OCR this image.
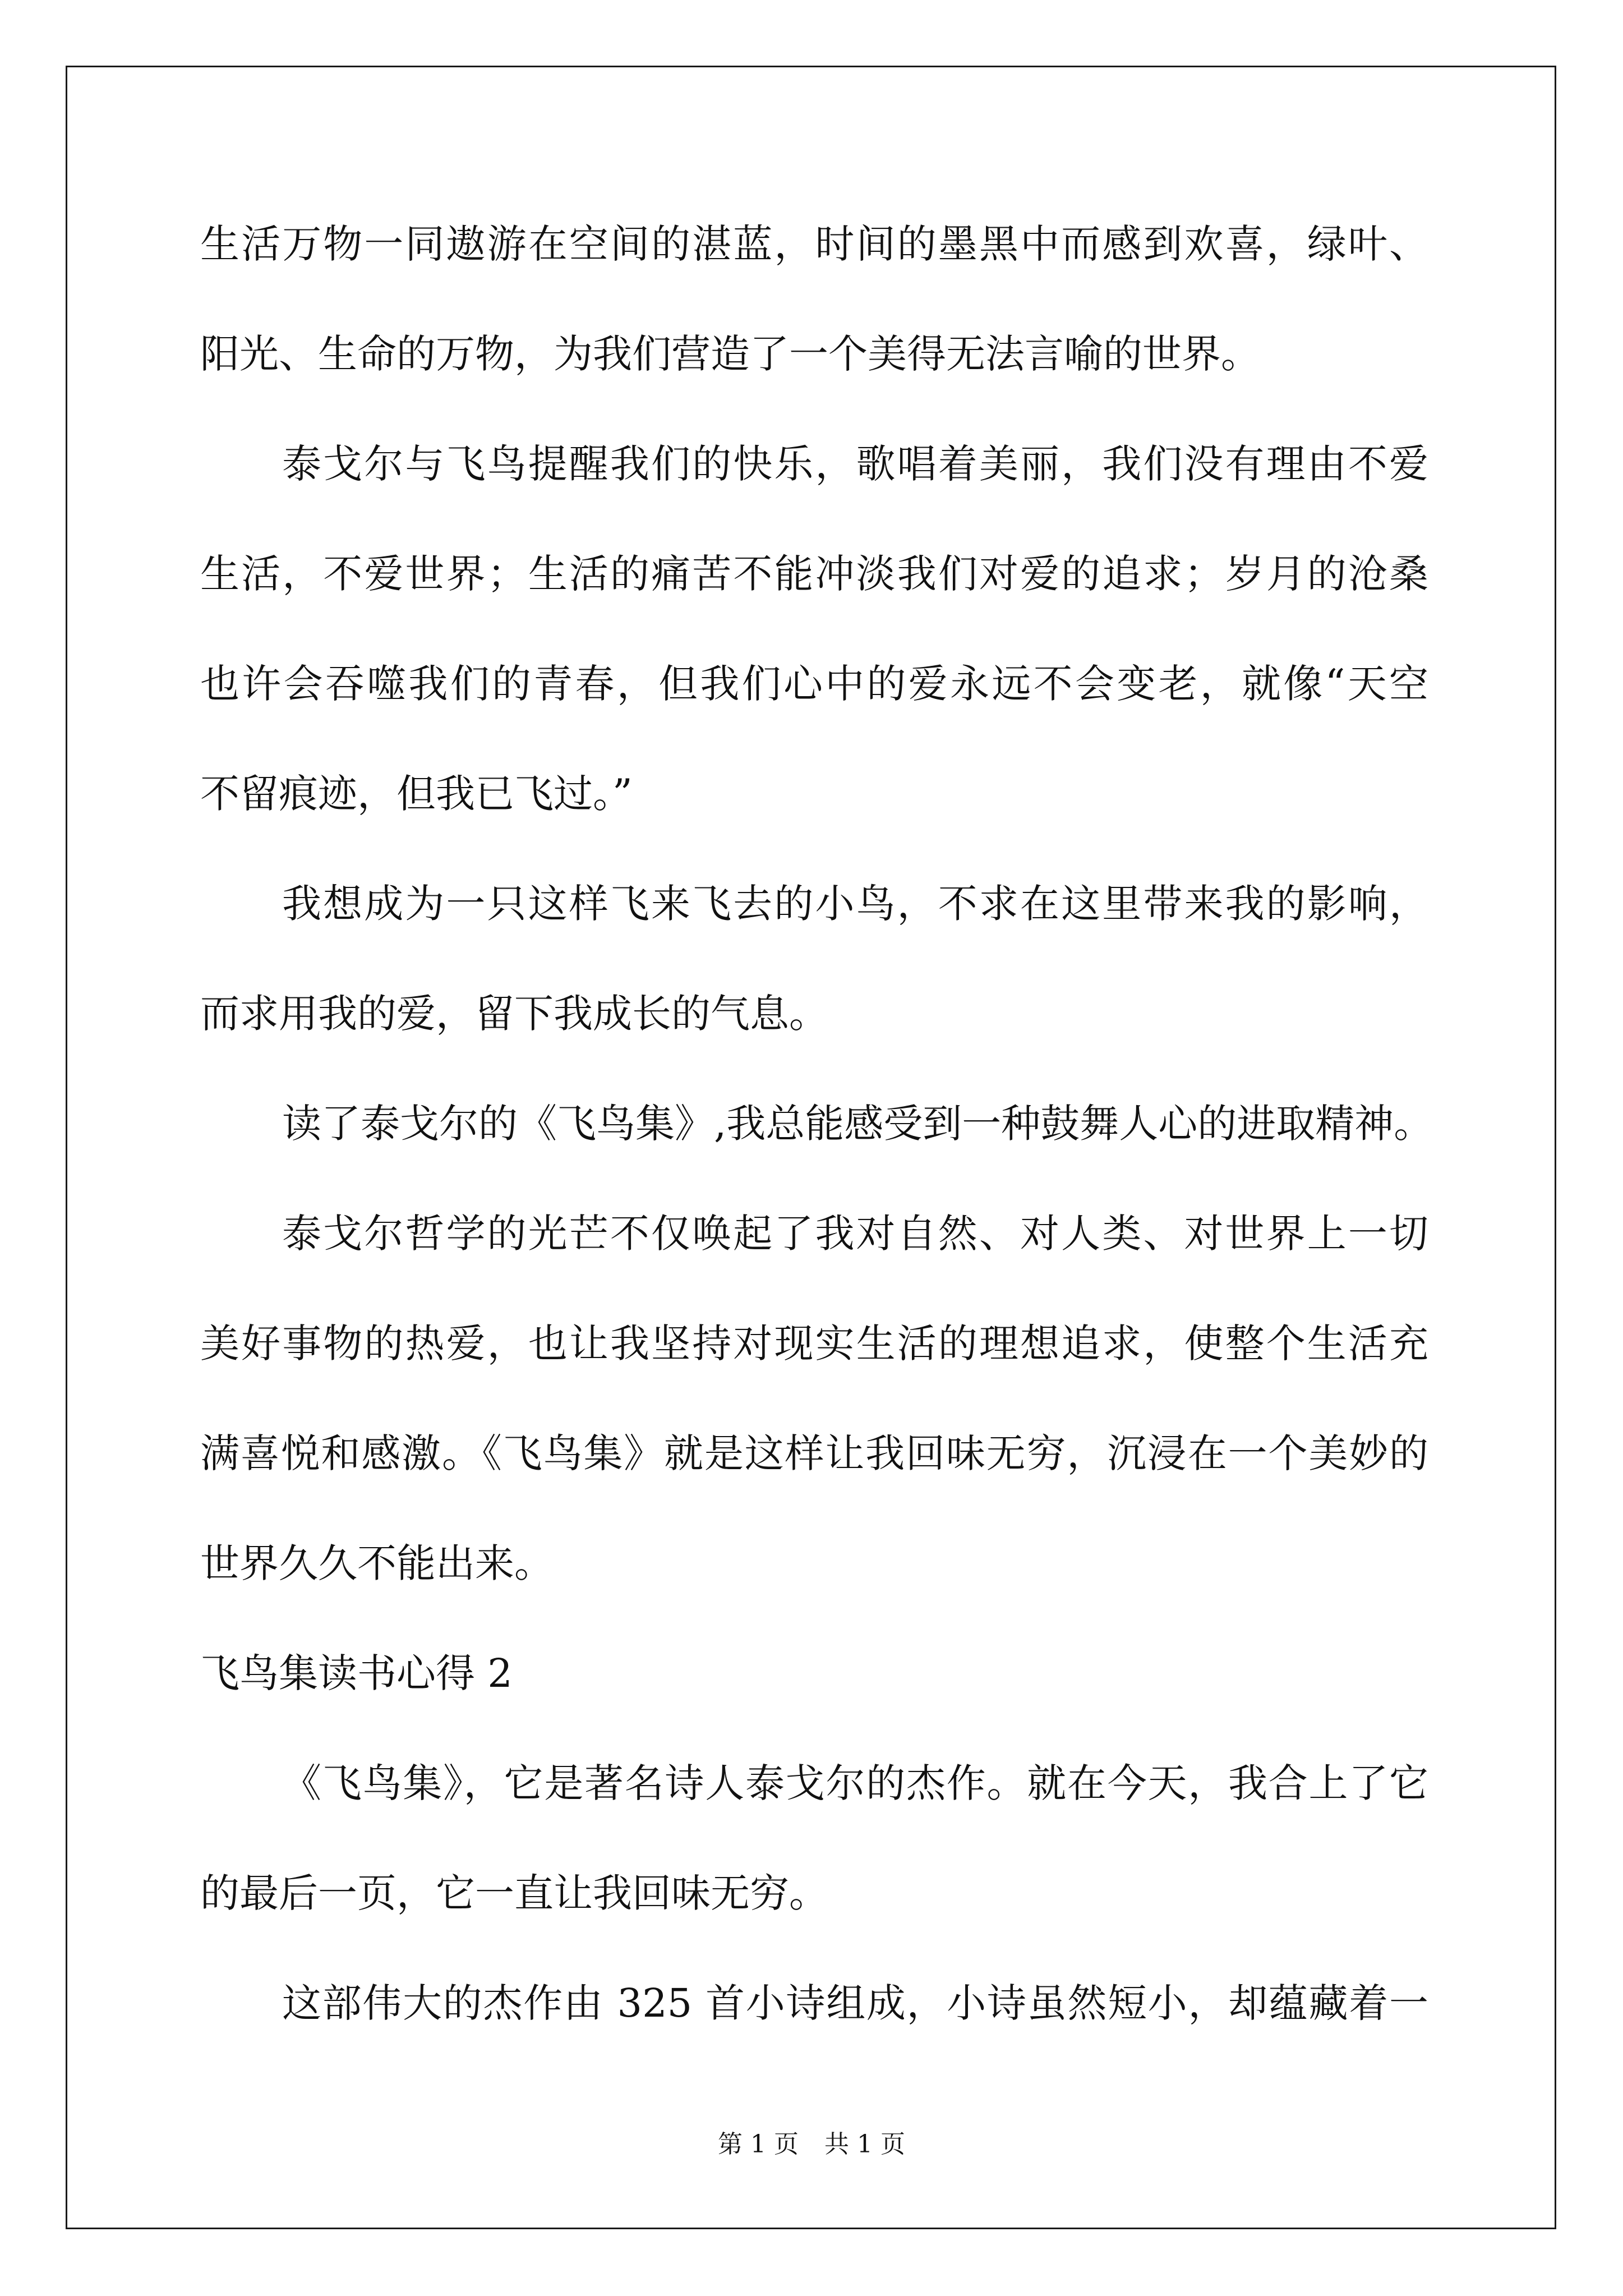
生活万物一同遨游在空间的湛蓝，时间的墨黑中而感到欢喜，绿叶、
阳光、生命的万物，为我们营造了一个美得无法言喻的世界。
泰戈尔与飞鸟提醒我们的快乐，歌唱着美丽，我们没有理由不爱
生活，不爱世界；生活的痛苦不能冲淡我们对爱的追求；岁月的沧桑
也许会吞噬我们的青春，但我们心中的爱永远不会变老，就像“天空
不留痕迹，但我已飞过。”
我想成为一只这样飞来飞去的小鸟，不求在这里带来我的影响，
而求用我的爱，留下我成长的气息。
读了泰戈尔的《飞鸟集》,我总能感受到一种鼓舞人心的进取精神。
泰戈尔哲学的光芒不仅唤起了我对自然、对人类、对世界上一切
美好事物的热爱，也让我坚持对现实生活的理想追求，使整个生活充
满喜悦和感激。《飞鸟集》就是这样让我回味无穷，沉浸在一个美妙的
世界久久不能出来。
飞鸟集读书心得 2
《飞鸟集》，它是著名诗人泰戈尔的杰作。就在今天，我合上了它
的最后一页，它一直让我回味无穷。
这部伟大的杰作由 325 首小诗组成，小诗虽然短小，却蕴藏着一
第 1 页 共 1 页
